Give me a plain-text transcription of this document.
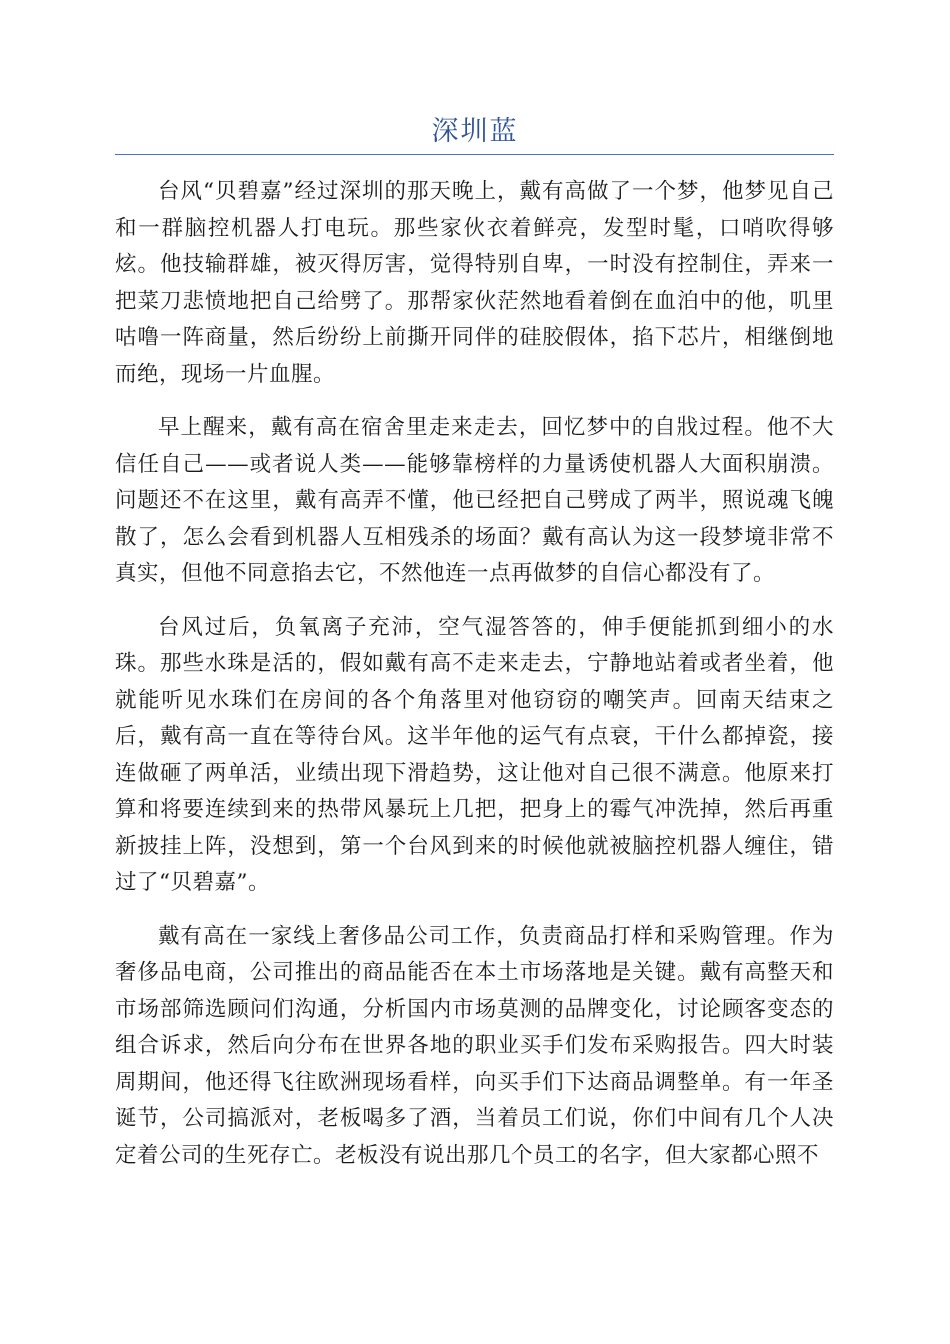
深圳蓝

台风“贝碧嘉”经过深圳的那天晚上，戴有高做了一个梦，他梦见自己和一群脑控机器人打电玩。那些家伙衣着鲜亮，发型时髦，口哨吹得够炫。他技输群雄，被灭得厉害，觉得特别自卑，一时没有控制住，弄来一把菜刀悲愤地把自己给劈了。那帮家伙茫然地看着倒在血泊中的他，叽里咕噜一阵商量，然后纷纷上前撕开同伴的硅胶假体，掐下芯片，相继倒地而绝，现场一片血腥。

早上醒来，戴有高在宿舍里走来走去，回忆梦中的自戕过程。他不大信任自己——或者说人类——能够靠榜样的力量诱使机器人大面积崩溃。问题还不在这里，戴有高弄不懂，他已经把自己劈成了两半，照说魂飞魄散了，怎么会看到机器人互相残杀的场面？戴有高认为这一段梦境非常不真实，但他不同意掐去它，不然他连一点再做梦的自信心都没有了。

台风过后，负氧离子充沛，空气湿答答的，伸手便能抓到细小的水珠。那些水珠是活的，假如戴有高不走来走去，宁静地站着或者坐着，他就能听见水珠们在房间的各个角落里对他窃窃的嘲笑声。回南天结束之后，戴有高一直在等待台风。这半年他的运气有点衰，干什么都掉瓷，接连做砸了两单活，业绩出现下滑趋势，这让他对自己很不满意。他原来打算和将要连续到来的热带风暴玩上几把，把身上的霉气冲洗掉，然后再重新披挂上阵，没想到，第一个台风到来的时候他就被脑控机器人缠住，错过了“贝碧嘉”。

戴有高在一家线上奢侈品公司工作，负责商品打样和采购管理。作为奢侈品电商，公司推出的商品能否在本土市场落地是关键。戴有高整天和市场部筛选顾问们沟通，分析国内市场莫测的品牌变化，讨论顾客变态的组合诉求，然后向分布在世界各地的职业买手们发布采购报告。四大时装周期间，他还得飞往欧洲现场看样，向买手们下达商品调整单。有一年圣诞节，公司搞派对，老板喝多了酒，当着员工们说，你们中间有几个人决定着公司的生死存亡。老板没有说出那几个员工的名字，但大家都心照不
